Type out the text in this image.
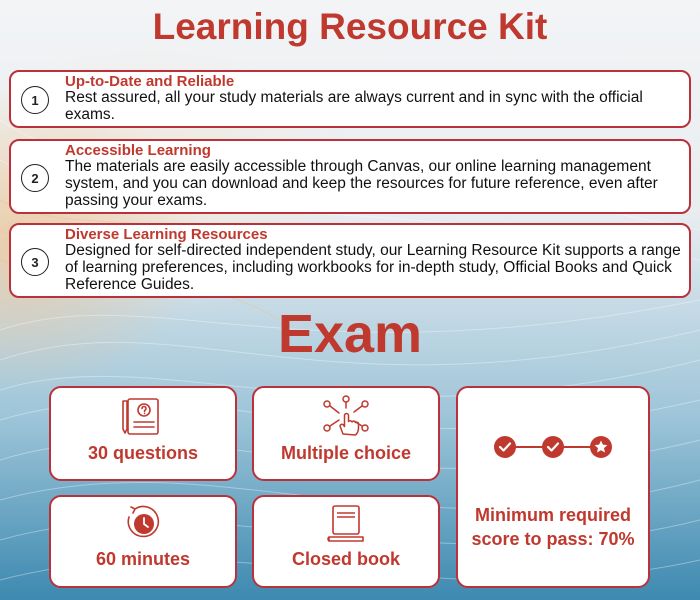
Learning Resource Kit
1
Up-to-Date and Reliable
Rest assured, all your study materials are always current and in sync with the official exams.
2
Accessible Learning
The materials are easily accessible through Canvas, our online learning management system, and you can download and keep the resources for future reference, even after passing your exams.
3
Diverse Learning Resources
Designed for self-directed independent study, our Learning Resource Kit supports a range of learning preferences, including workbooks for in-depth study, Official Books and Quick Reference Guides.
Exam
30 questions	Multiple choice
60 minutes	Closed book
Minimum required
score to pass: 70%
